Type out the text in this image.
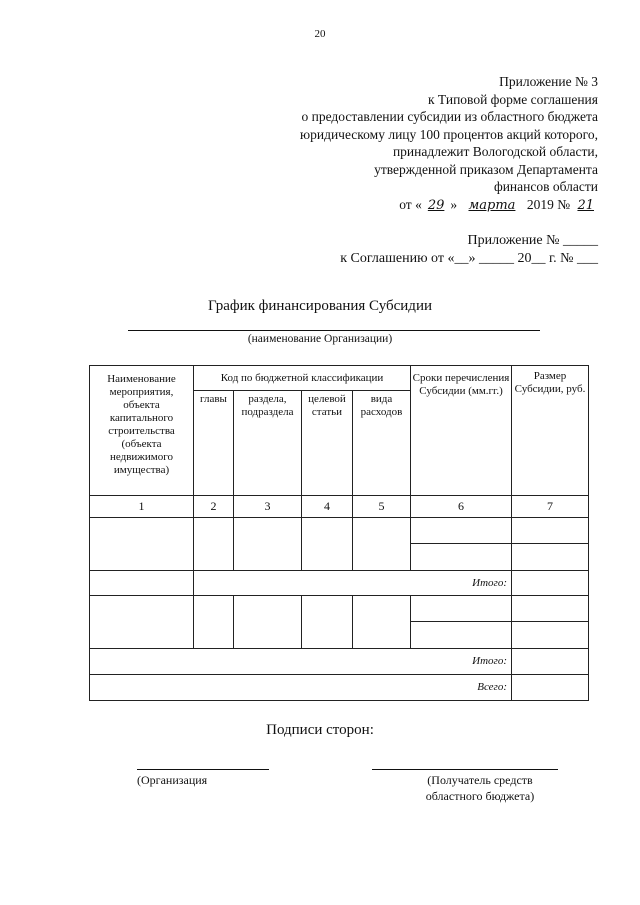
20
Приложение № 3
к Типовой форме соглашения
о предоставлении субсидии из областного бюджета
юридическому лицу 100 процентов акций которого,
принадлежит Вологодской области,
утвержденной приказом Департамента
финансов области
от « 29 » марта 2019 № 21
Приложение № _____
к Соглашению от «__» _____ 20__ г. № ___
График финансирования Субсидии
(наименование Организации)
Наименование мероприятия, объекта капитального строительства (объекта недвижимого имущества)	Код по бюджетной классификации				Сроки перечисления Субсидии (мм.гг.)	Размер Субсидии, руб.
	главы	раздела, подраздела	целевой статьи	вида расходов		
1	2	3	4	5	6	7

	Итого:					

Итого:						
Всего:						
Подписи сторон:
(Организация	(Получатель средств
областного бюджета)
